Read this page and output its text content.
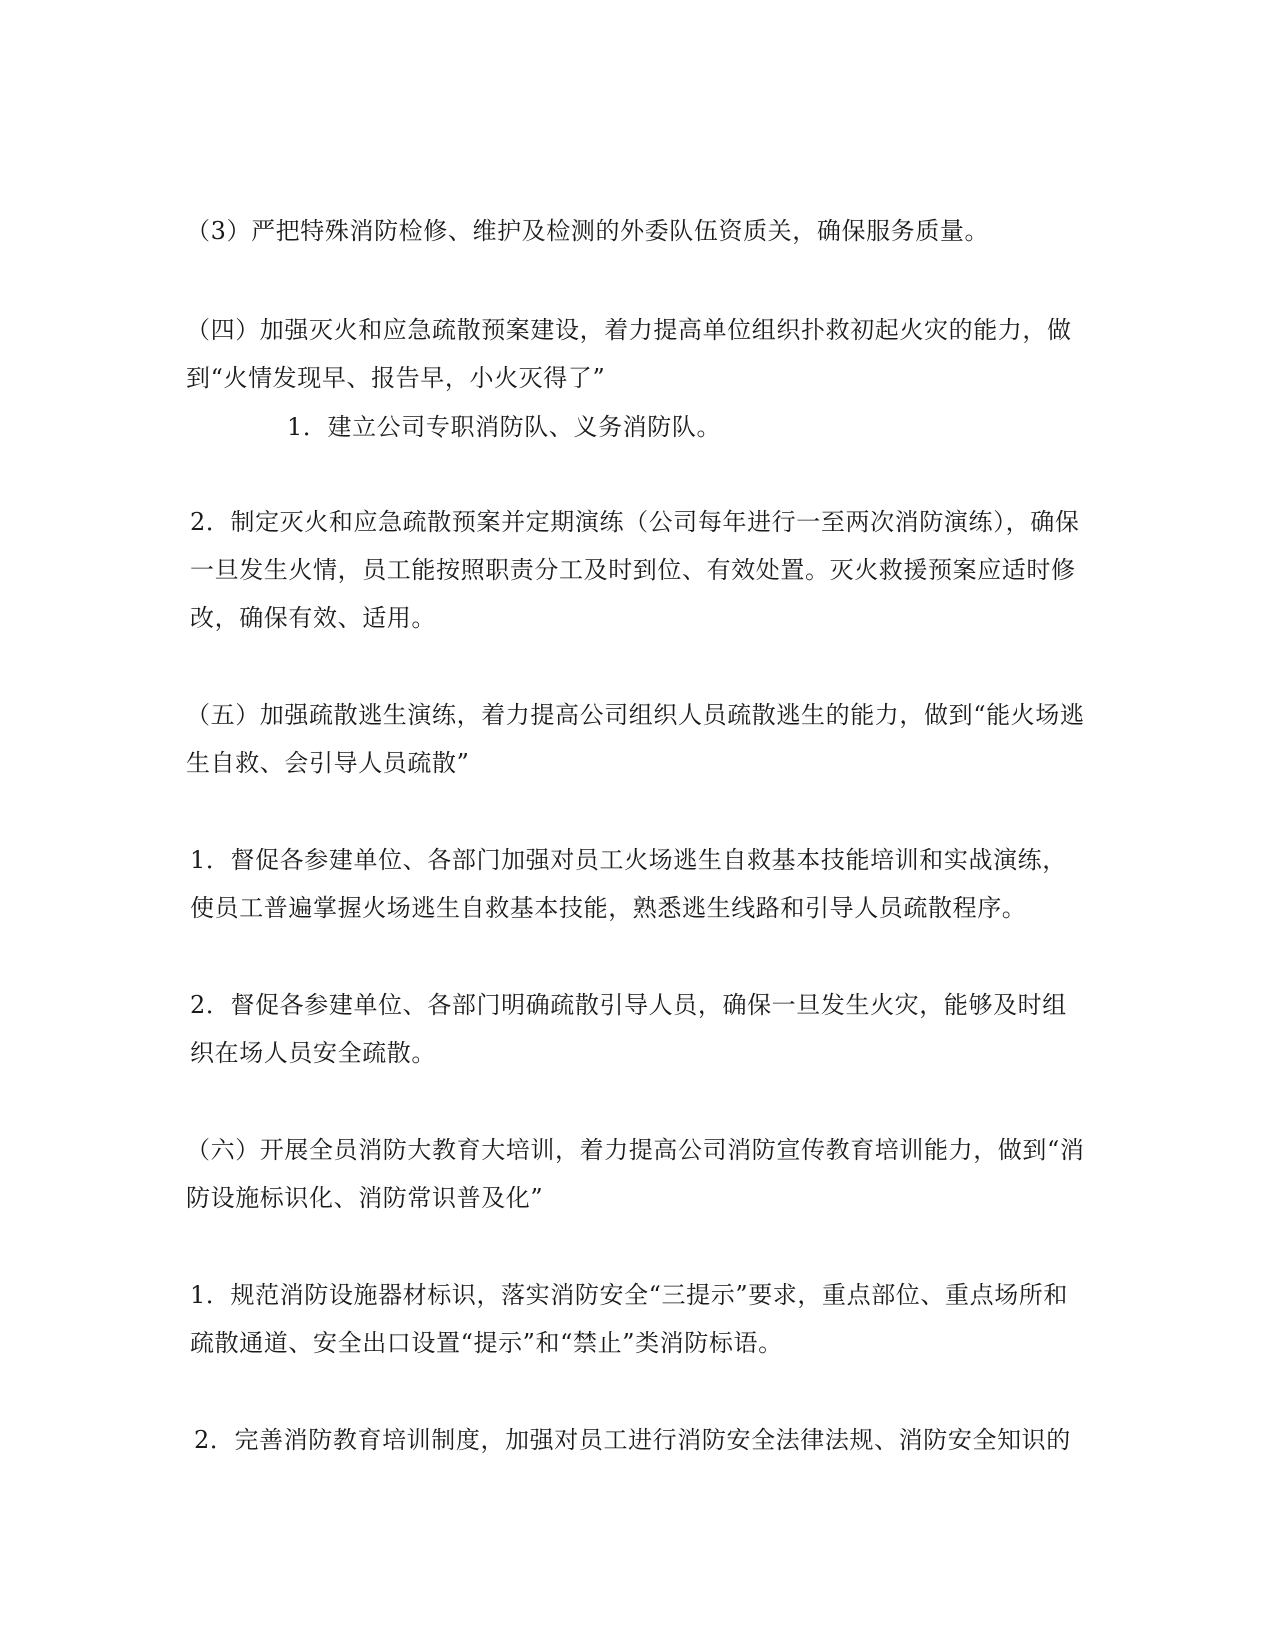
（3）严把特殊消防检修、维护及检测的外委队伍资质关，确保服务质量。

（四）加强灭火和应急疏散预案建设，着力提高单位组织扑救初起火灾的能力，做到“火情发现早、报告早，小火灭得了”

1．建立公司专职消防队、义务消防队。

2．制定灭火和应急疏散预案并定期演练（公司每年进行一至两次消防演练），确保一旦发生火情，员工能按照职责分工及时到位、有效处置。灭火救援预案应适时修改，确保有效、适用。

（五）加强疏散逃生演练，着力提高公司组织人员疏散逃生的能力，做到“能火场逃生自救、会引导人员疏散”

1．督促各参建单位、各部门加强对员工火场逃生自救基本技能培训和实战演练，使员工普遍掌握火场逃生自救基本技能，熟悉逃生线路和引导人员疏散程序。

2．督促各参建单位、各部门明确疏散引导人员，确保一旦发生火灾，能够及时组织在场人员安全疏散。

（六）开展全员消防大教育大培训，着力提高公司消防宣传教育培训能力，做到“消防设施标识化、消防常识普及化”

1．规范消防设施器材标识，落实消防安全“三提示”要求，重点部位、重点场所和疏散通道、安全出口设置“提示”和“禁止”类消防标语。

2．完善消防教育培训制度，加强对员工进行消防安全法律法规、消防安全知识的
